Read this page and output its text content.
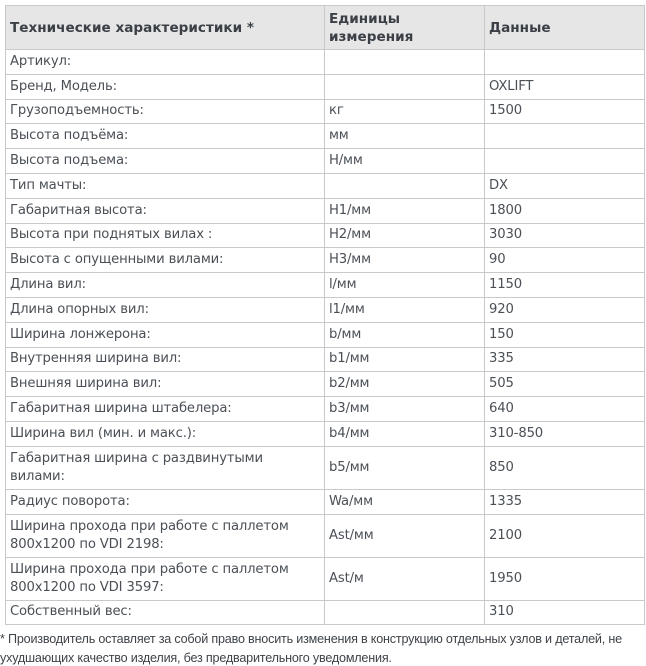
Технические характеристики *	Единицы измерения	Данные
Артикул:		
Бренд, Модель:		OXLIFT
Грузоподъемность:	кг	1500
Высота подъёма:	мм	
Высота подъема:	Н/мм	
Тип мачты:		DX
Габаритная высота:	H1/мм	1800
Высота при поднятых вилах :	H2/мм	3030
Высота с опущенными вилами:	H3/мм	90
Длина вил:	l/мм	1150
Длина опорных вил:	l1/мм	920
Ширина лонжерона:	b/мм	150
Внутренняя ширина вил:	b1/мм	335
Внешняя ширина вил:	b2/мм	505
Габаритная ширина штабелера:	b3/мм	640
Ширина вил (мин. и макс.):	b4/мм	310-850
Габаритная ширина с раздвинутыми вилами:	b5/мм	850
Радиус поворота:	Wa/мм	1335
Ширина прохода при работе с паллетом 800x1200 по VDI 2198:	Ast/мм	2100
Ширина прохода при работе с паллетом 800x1200 по VDI 3597:	Ast/м	1950
Собственный вес:		310
* Производитель оставляет за собой право вносить изменения в конструкцию отдельных узлов и деталей, не ухудшающих качество изделия, без предварительного уведомления.
